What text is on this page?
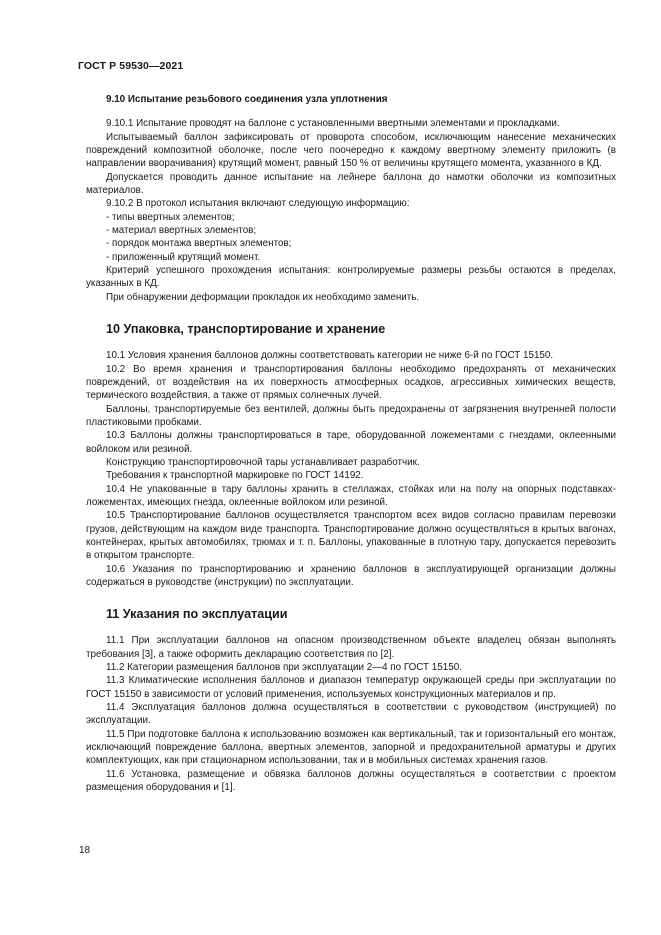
ГОСТ Р 59530—2021
9.10 Испытание резьбового соединения узла уплотнения

9.10.1 Испытание проводят на баллоне с установленными ввертными элементами и прокладками.

Испытываемый баллон зафиксировать от проворота способом, исключающим нанесение механических повреждений композитной оболочке, после чего поочередно к каждому ввертному элементу приложить (в направлении вворачивания) крутящий момент, равный 150 % от величины крутящего момента, указанного в КД.

Допускается проводить данное испытание на лейнере баллона до намотки оболочки из композитных материалов.

9.10.2 В протокол испытания включают следующую информацию:

- типы ввертных элементов;
- материал ввертных элементов;
- порядок монтажа ввертных элементов;
- приложенный крутящий момент.

Критерий успешного прохождения испытания: контролируемые размеры резьбы остаются в пределах, указанных в КД.

При обнаружении деформации прокладок их необходимо заменить.

10 Упаковка, транспортирование и хранение

10.1 Условия хранения баллонов должны соответствовать категории не ниже 6-й по ГОСТ 15150.

10.2 Во время хранения и транспортирования баллоны необходимо предохранять от механических повреждений, от воздействия на их поверхность атмосферных осадков, агрессивных химических веществ, термического воздействия, а также от прямых солнечных лучей.

Баллоны, транспортируемые без вентилей, должны быть предохранены от загрязнения внутренней полости пластиковыми пробками.

10.3 Баллоны должны транспортироваться в таре, оборудованной ложементами с гнездами, оклеенными войлоком или резиной.

Конструкцию транспортировочной тары устанавливает разработчик.

Требования к транспортной маркировке по ГОСТ 14192.

10.4 Не упакованные в тару баллоны хранить в стеллажах, стойках или на полу на опорных подставках-ложементах, имеющих гнезда, оклеенные войлоком или резиной.

10.5 Транспортирование баллонов осуществляется транспортом всех видов согласно правилам перевозки грузов, действующим на каждом виде транспорта. Транспортирование должно осуществляться в крытых вагонах, контейнерах, крытых автомобилях, трюмах и т. п. Баллоны, упакованные в плотную тару, допускается перевозить в открытом транспорте.

10.6 Указания по транспортированию и хранению баллонов в эксплуатирующей организации должны содержаться в руководстве (инструкции) по эксплуатации.

11 Указания по эксплуатации

11.1 При эксплуатации баллонов на опасном производственном объекте владелец обязан выполнять требования [3], а также оформить декларацию соответствия по [2].

11.2 Категории размещения баллонов при эксплуатации 2—4 по ГОСТ 15150.

11.3 Климатические исполнения баллонов и диапазон температур окружающей среды при эксплуатации по ГОСТ 15150 в зависимости от условий применения, используемых конструкционных материалов и пр.

11.4 Эксплуатация баллонов должна осуществляться в соответствии с руководством (инструкцией) по эксплуатации.

11.5 При подготовке баллона к использованию возможен как вертикальный, так и горизонтальный его монтаж, исключающий повреждение баллона, ввертных элементов, запорной и предохранительной арматуры и других комплектующих, как при стационарном использовании, так и в мобильных системах хранения газов.

11.6 Установка, размещение и обвязка баллонов должны осуществляться в соответствии с проектом размещения оборудования и [1].

18
